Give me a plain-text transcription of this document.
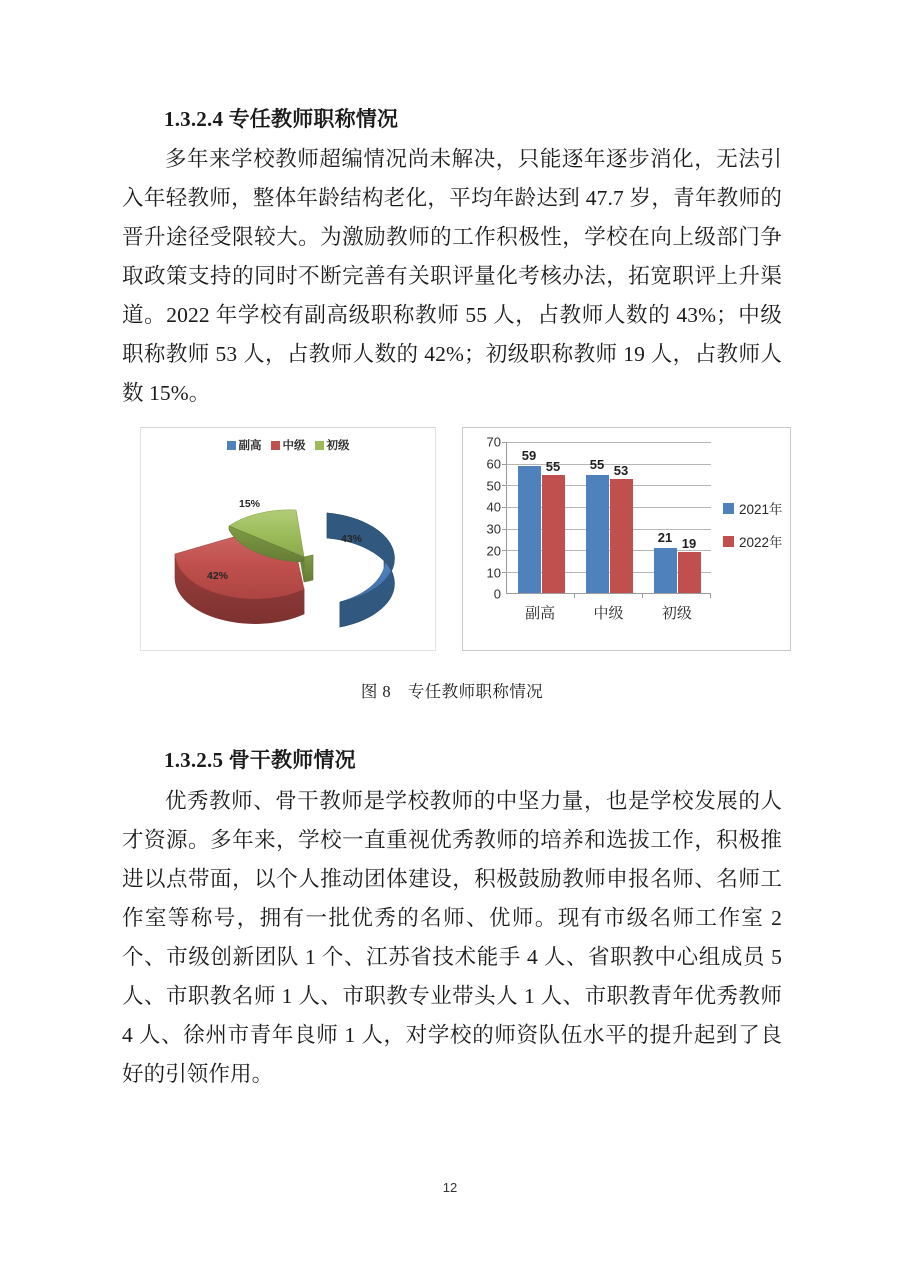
1.3.2.4 专任教师职称情况

多年来学校教师超编情况尚未解决，只能逐年逐步消化，无法引入年轻教师，整体年龄结构老化，平均年龄达到 47.7 岁，青年教师的晋升途径受限较大。为激励教师的工作积极性，学校在向上级部门争取政策支持的同时不断完善有关职评量化考核办法，拓宽职评上升渠道。2022 年学校有副高级职称教师 55 人，占教师人数的 43%；中级职称教师 53 人，占教师人数的 42%；初级职称教师 19 人，占教师人数 15%。

副高 中级 初级
43%
42%
15%
70
60
50
40
30
20
10
0
59
55 55 53
21 19
副高	中级	初级
2021年
2022年

图 8　专任教师职称情况

1.3.2.5 骨干教师情况

优秀教师、骨干教师是学校教师的中坚力量，也是学校发展的人才资源。多年来，学校一直重视优秀教师的培养和选拔工作，积极推进以点带面，以个人推动团体建设，积极鼓励教师申报名师、名师工作室等称号，拥有一批优秀的名师、优师。现有市级名师工作室 2 个、市级创新团队 1 个、江苏省技术能手 4 人、省职教中心组成员 5 人、市职教名师 1 人、市职教专业带头人 1 人、市职教青年优秀教师 4 人、徐州市青年良师 1 人，对学校的师资队伍水平的提升起到了良好的引领作用。

12
